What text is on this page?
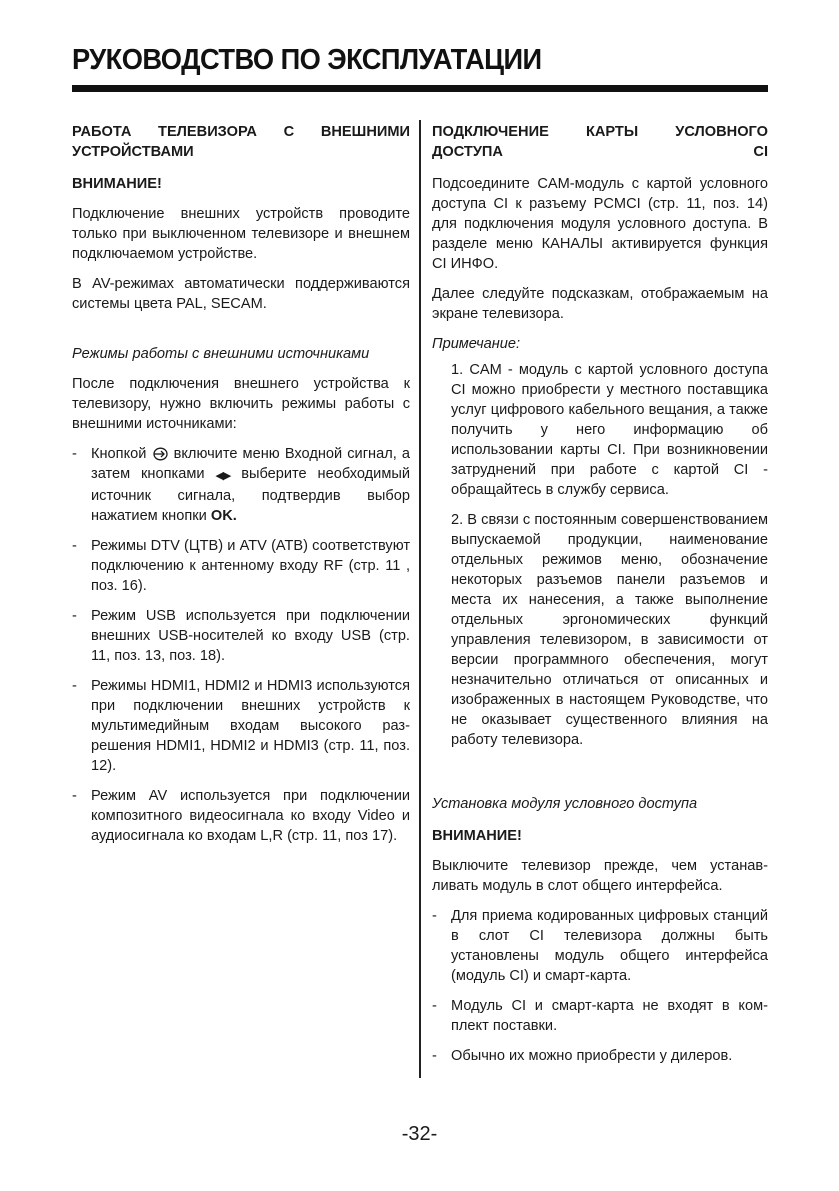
РУКОВОДСТВО ПО ЭКСПЛУАТАЦИИ

РАБОТА ТЕЛЕВИЗОРА С ВНЕШНИМИ УСТРОЙСТВАМИ

ВНИМАНИЕ!

Подключение внешних устройств проводите только при выключенном телевизоре и внешнем подключаемом устройстве.

В AV-режимах автоматически поддерживаются системы цвета PAL, SECAM.

Режимы работы с внешними источниками

После подключения внешнего устройства к телевизору, нужно включить режимы работы с внешними источниками:

- Кнопкой включите меню Входной сигнал, а затем кнопками ◀▶ выберите необходимый источник сигнала, подтвердив выбор нажатием кнопки OK.
- Режимы DTV (ЦТВ) и ATV (АТВ) соответствуют подключению к антенному входу RF (стр. 11 , поз. 16).
- Режим USB используется при подключении внешних USB-носителей ко входу USB (стр. 11, поз. 13, поз. 18).
- Режимы HDMI1, HDMI2 и HDMI3 используются при подключении внешних устройств к мультимедийным входам высокого разрешения HDMI1, HDMI2 и HDMI3 (стр. 11, поз. 12).
- Режим AV используется при подключении композитного видеосигнала ко входу Video и аудиосигнала ко входам L,R (стр. 11, поз 17).

ПОДКЛЮЧЕНИЕ КАРТЫ УСЛОВНОГО ДОСТУПА CI

Подсоедините CAM-модуль с картой условного доступа CI к разъему PCMCI (стр. 11, поз. 14) для подключения модуля условного доступа. В разделе меню КАНАЛЫ активируется функция CI ИНФО.

Далее следуйте подсказкам, отображаемым на экране телевизора.

Примечание:

1. CAM - модуль с картой условного доступа CI можно приобрести у местного поставщика услуг цифрового кабельного вещания, а также получить у него информацию об использовании карты CI. При возникновении затруднений при работе с картой CI - обращайтесь в службу сервиса.
2. В связи с постоянным совершенствованием выпускаемой продукции, наименование отдельных режимов меню, обозначение некоторых разъемов панели разъемов и места их нанесения, а также выполнение отдельных эргономических функций управления телевизором, в зависимости от версии программного обеспечения, могут незначительно отличаться от описанных и изображенных в настоящем Руководстве, что не оказывает существенного влияния на работу телевизора.

Установка модуля условного доступа

ВНИМАНИЕ!

Выключите телевизор прежде, чем устанавливать модуль в слот общего интерфейса.

- Для приема кодированных цифровых станций в слот CI телевизора должны быть установлены модуль общего интерфейса (модуль CI) и смарт-карта.
- Модуль CI и смарт-карта не входят в комплект поставки.
- Обычно их можно приобрести у дилеров.
-32-
